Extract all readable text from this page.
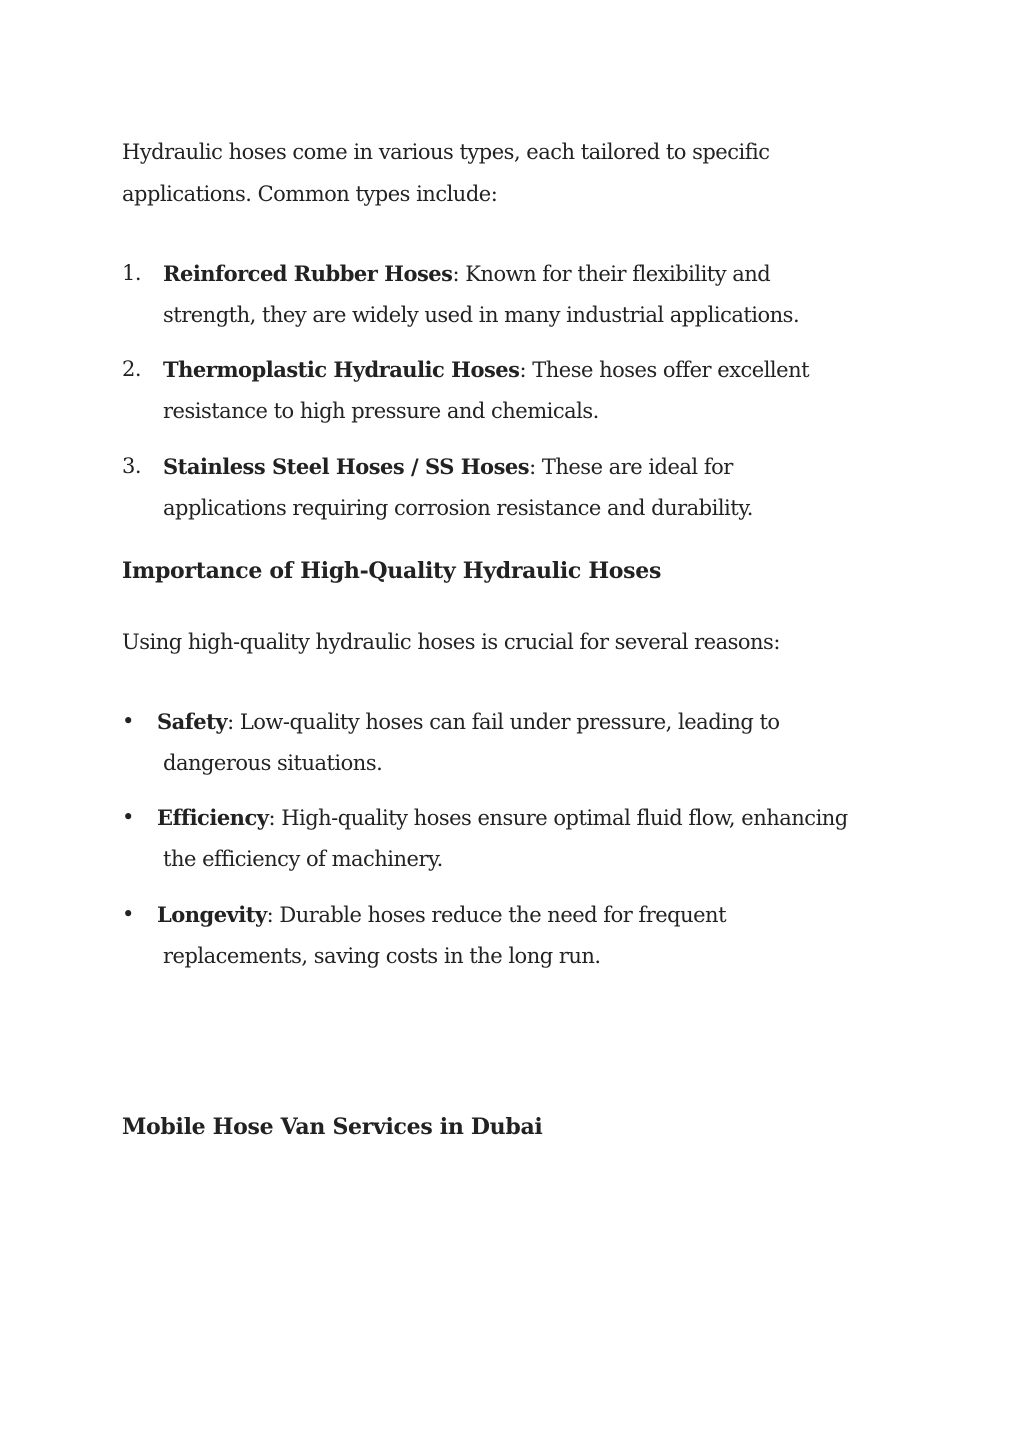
Hydraulic hoses come in various types, each tailored to specific
applications. Common types include:

1.	Reinforced Rubber Hoses: Known for their flexibility and
strength, they are widely used in many industrial applications.
2.	Thermoplastic Hydraulic Hoses: These hoses offer excellent
resistance to high pressure and chemicals.
3.	Stainless Steel Hoses / SS Hoses: These are ideal for
applications requiring corrosion resistance and durability.
Importance of High-Quality Hydraulic Hoses

Using high-quality hydraulic hoses is crucial for several reasons:

•	Safety: Low-quality hoses can fail under pressure, leading to
dangerous situations.
•	Efficiency: High-quality hoses ensure optimal fluid flow, enhancing
the efficiency of machinery.
•	Longevity: Durable hoses reduce the need for frequent
replacements, saving costs in the long run.
Mobile Hose Van Services in Dubai
